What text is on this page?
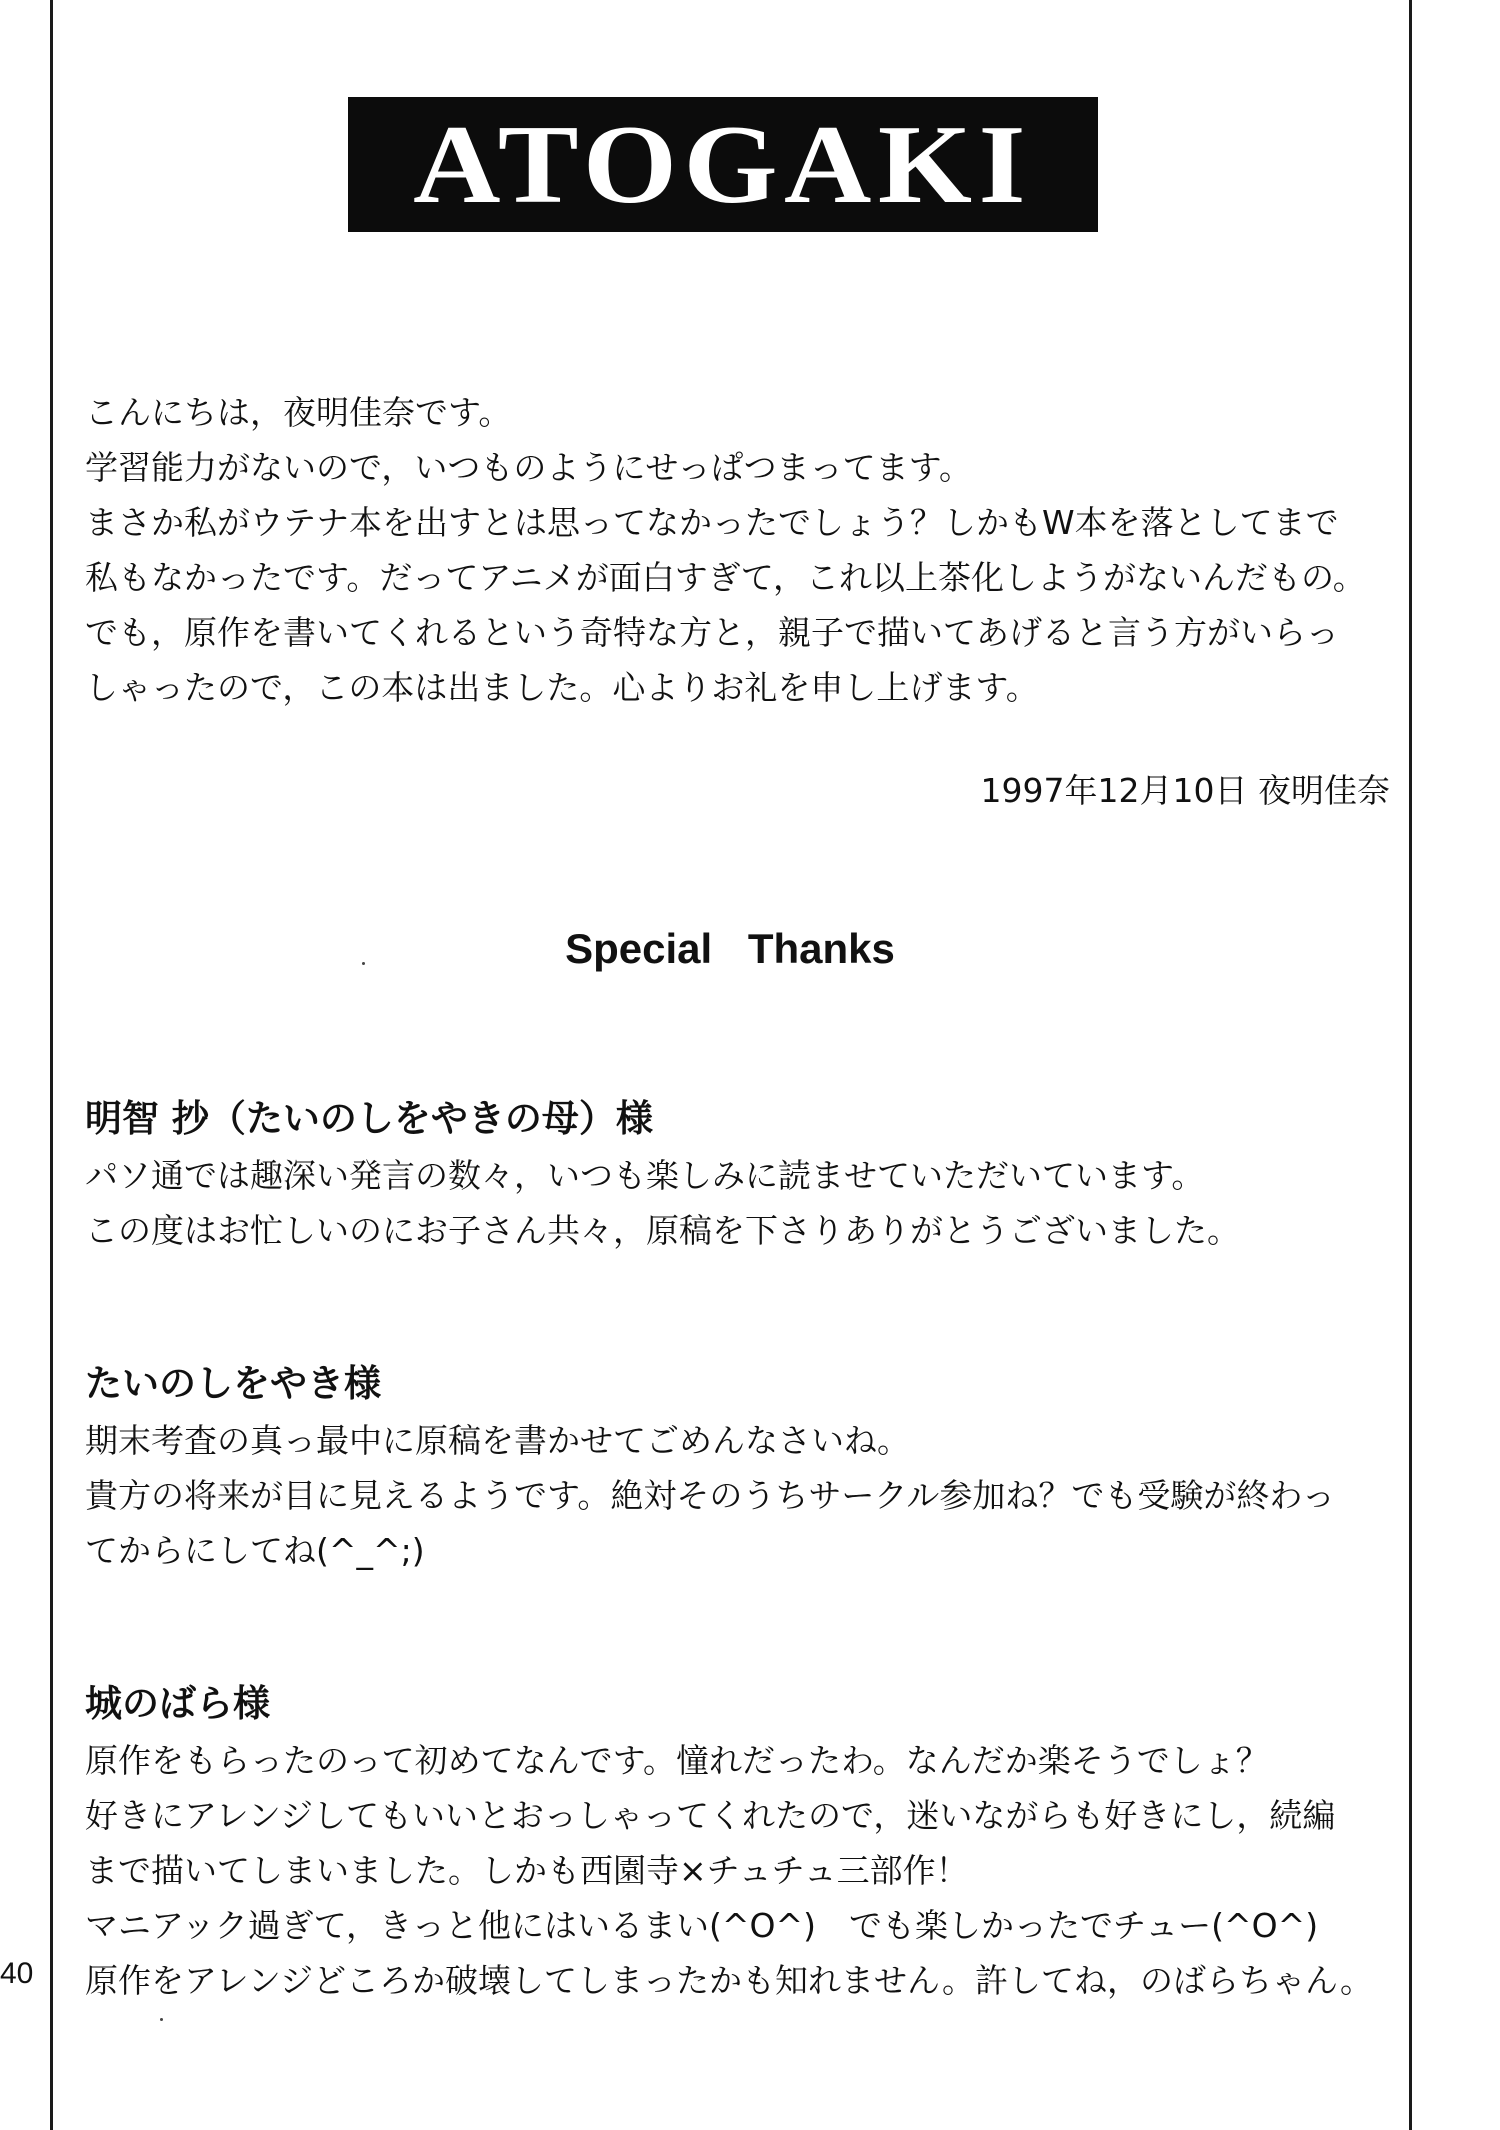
ATOGAKI
こんにちは，夜明佳奈です。
学習能力がないので，いつものようにせっぱつまってます。
まさか私がウテナ本を出すとは思ってなかったでしょう？しかもW本を落としてまで
私もなかったです。だってアニメが面白すぎて，これ以上茶化しようがないんだもの。
でも，原作を書いてくれるという奇特な方と，親子で描いてあげると言う方がいらっ
しゃったので，この本は出ました。心よりお礼を申し上げます。
1997年12月10日 夜明佳奈
Special Thanks
明智 抄（たいのしをやきの母）様
パソ通では趣深い発言の数々，いつも楽しみに読ませていただいています。
この度はお忙しいのにお子さん共々，原稿を下さりありがとうございました。
たいのしをやき様
期末考査の真っ最中に原稿を書かせてごめんなさいね。
貴方の将来が目に見えるようです。絶対そのうちサークル参加ね？でも受験が終わっ
てからにしてね(^_^;)
城のばら様
原作をもらったのって初めてなんです。憧れだったわ。なんだか楽そうでしょ？
好きにアレンジしてもいいとおっしゃってくれたので，迷いながらも好きにし，続編
まで描いてしまいました。しかも西園寺×チュチュ三部作！
マニアック過ぎて，きっと他にはいるまい(^O^)　でも楽しかったでチュー(^O^)
原作をアレンジどころか破壊してしまったかも知れません。許してね，のばらちゃん。
40
